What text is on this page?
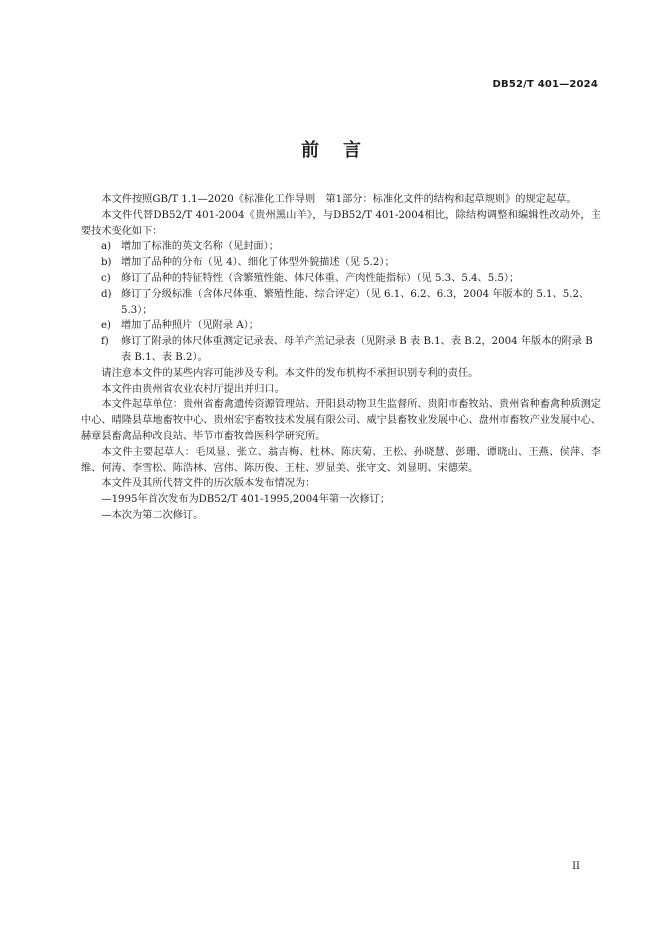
DB52/T 401—2024
前言

本文件按照GB/T 1.1—2020《标准化工作导则　第1部分：标准化文件的结构和起草规则》的规定起草。

本文件代替DB52/T 401-2004《贵州黑山羊》，与DB52/T 401-2004相比，除结构调整和编辑性改动外，主要技术变化如下：

a) 增加了标准的英文名称（见封面）；
b) 增加了品种的分布（见 4）、细化了体型外貌描述（见 5.2）；
c) 修订了品种的特征特性（含繁殖性能、体尺体重、产肉性能指标）（见 5.3、5.4、5.5）；
d) 修订了分级标准（含体尺体重、繁殖性能、综合评定）（见 6.1、6.2、6.3，2004 年版本的 5.1、5.2、5.3）；
e) 增加了品种照片（见附录 A）；
f) 修订了附录的体尺体重测定记录表、母羊产羔记录表（见附录 B 表 B.1、表 B.2，2004 年版本的附录 B 表 B.1、表 B.2）。

请注意本文件的某些内容可能涉及专利。本文件的发布机构不承担识别专利的责任。

本文件由贵州省农业农村厅提出并归口。

本文件起草单位：贵州省畜禽遗传资源管理站、开阳县动物卫生监督所、贵阳市畜牧站、贵州省种畜禽种质测定中心、晴隆县草地畜牧中心、贵州宏宇畜牧技术发展有限公司、威宁县畜牧业发展中心、盘州市畜牧产业发展中心、赫章县畜禽品种改良站、毕节市畜牧兽医科学研究所。

本文件主要起草人：毛凤显、张立、翁吉梅、杜林、陈庆菊、王松、孙晓慧、彭珊、谭晓山、王燕、侯萍、李维、何涛、李雪松、陈浩林、宫伟、陈历俊、王柱、罗显美、张守文、刘显明、宋德荣。

本文件及其所代替文件的历次版本发布情况为：

—1995年首次发布为DB52/T 401-1995,2004年第一次修订；

—本次为第二次修订。

II
